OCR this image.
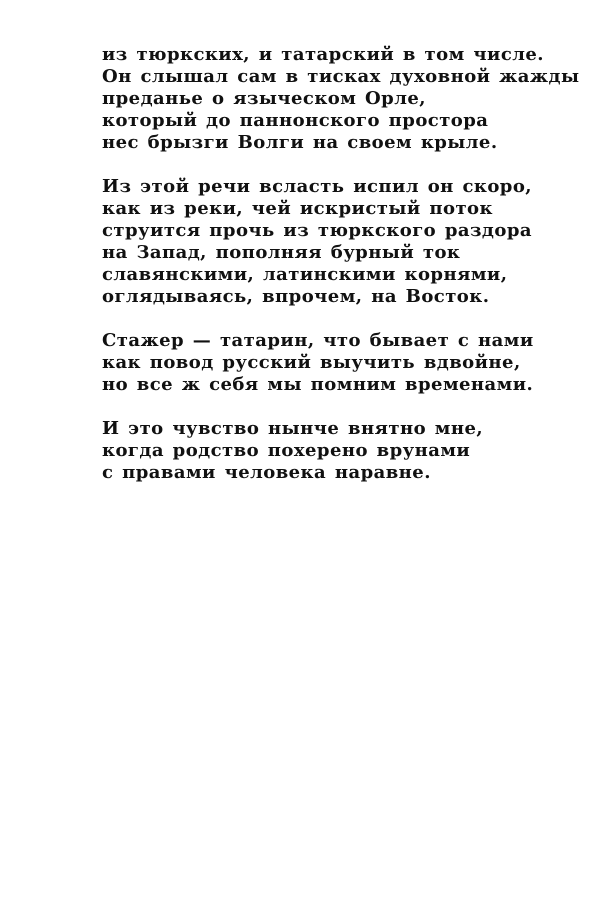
из тюркских, и татарский в том числе.
Он слышал сам в тисках духовной жажды
преданье о языческом Орле,
который до паннонского простора
нес брызги Волги на своем крыле.
Из этой речи всласть испил он скоро,
как из реки, чей искристый поток
струится прочь из тюркского раздора
на Запад, пополняя бурный ток
славянскими, латинскими корнями,
оглядываясь, впрочем, на Восток.
Стажер — татарин, что бывает с нами
как повод русский выучить вдвойне,
но все ж себя мы помним временами.
И это чувство нынче внятно мне,
когда родство похерено врунами
с правами человека наравне.
